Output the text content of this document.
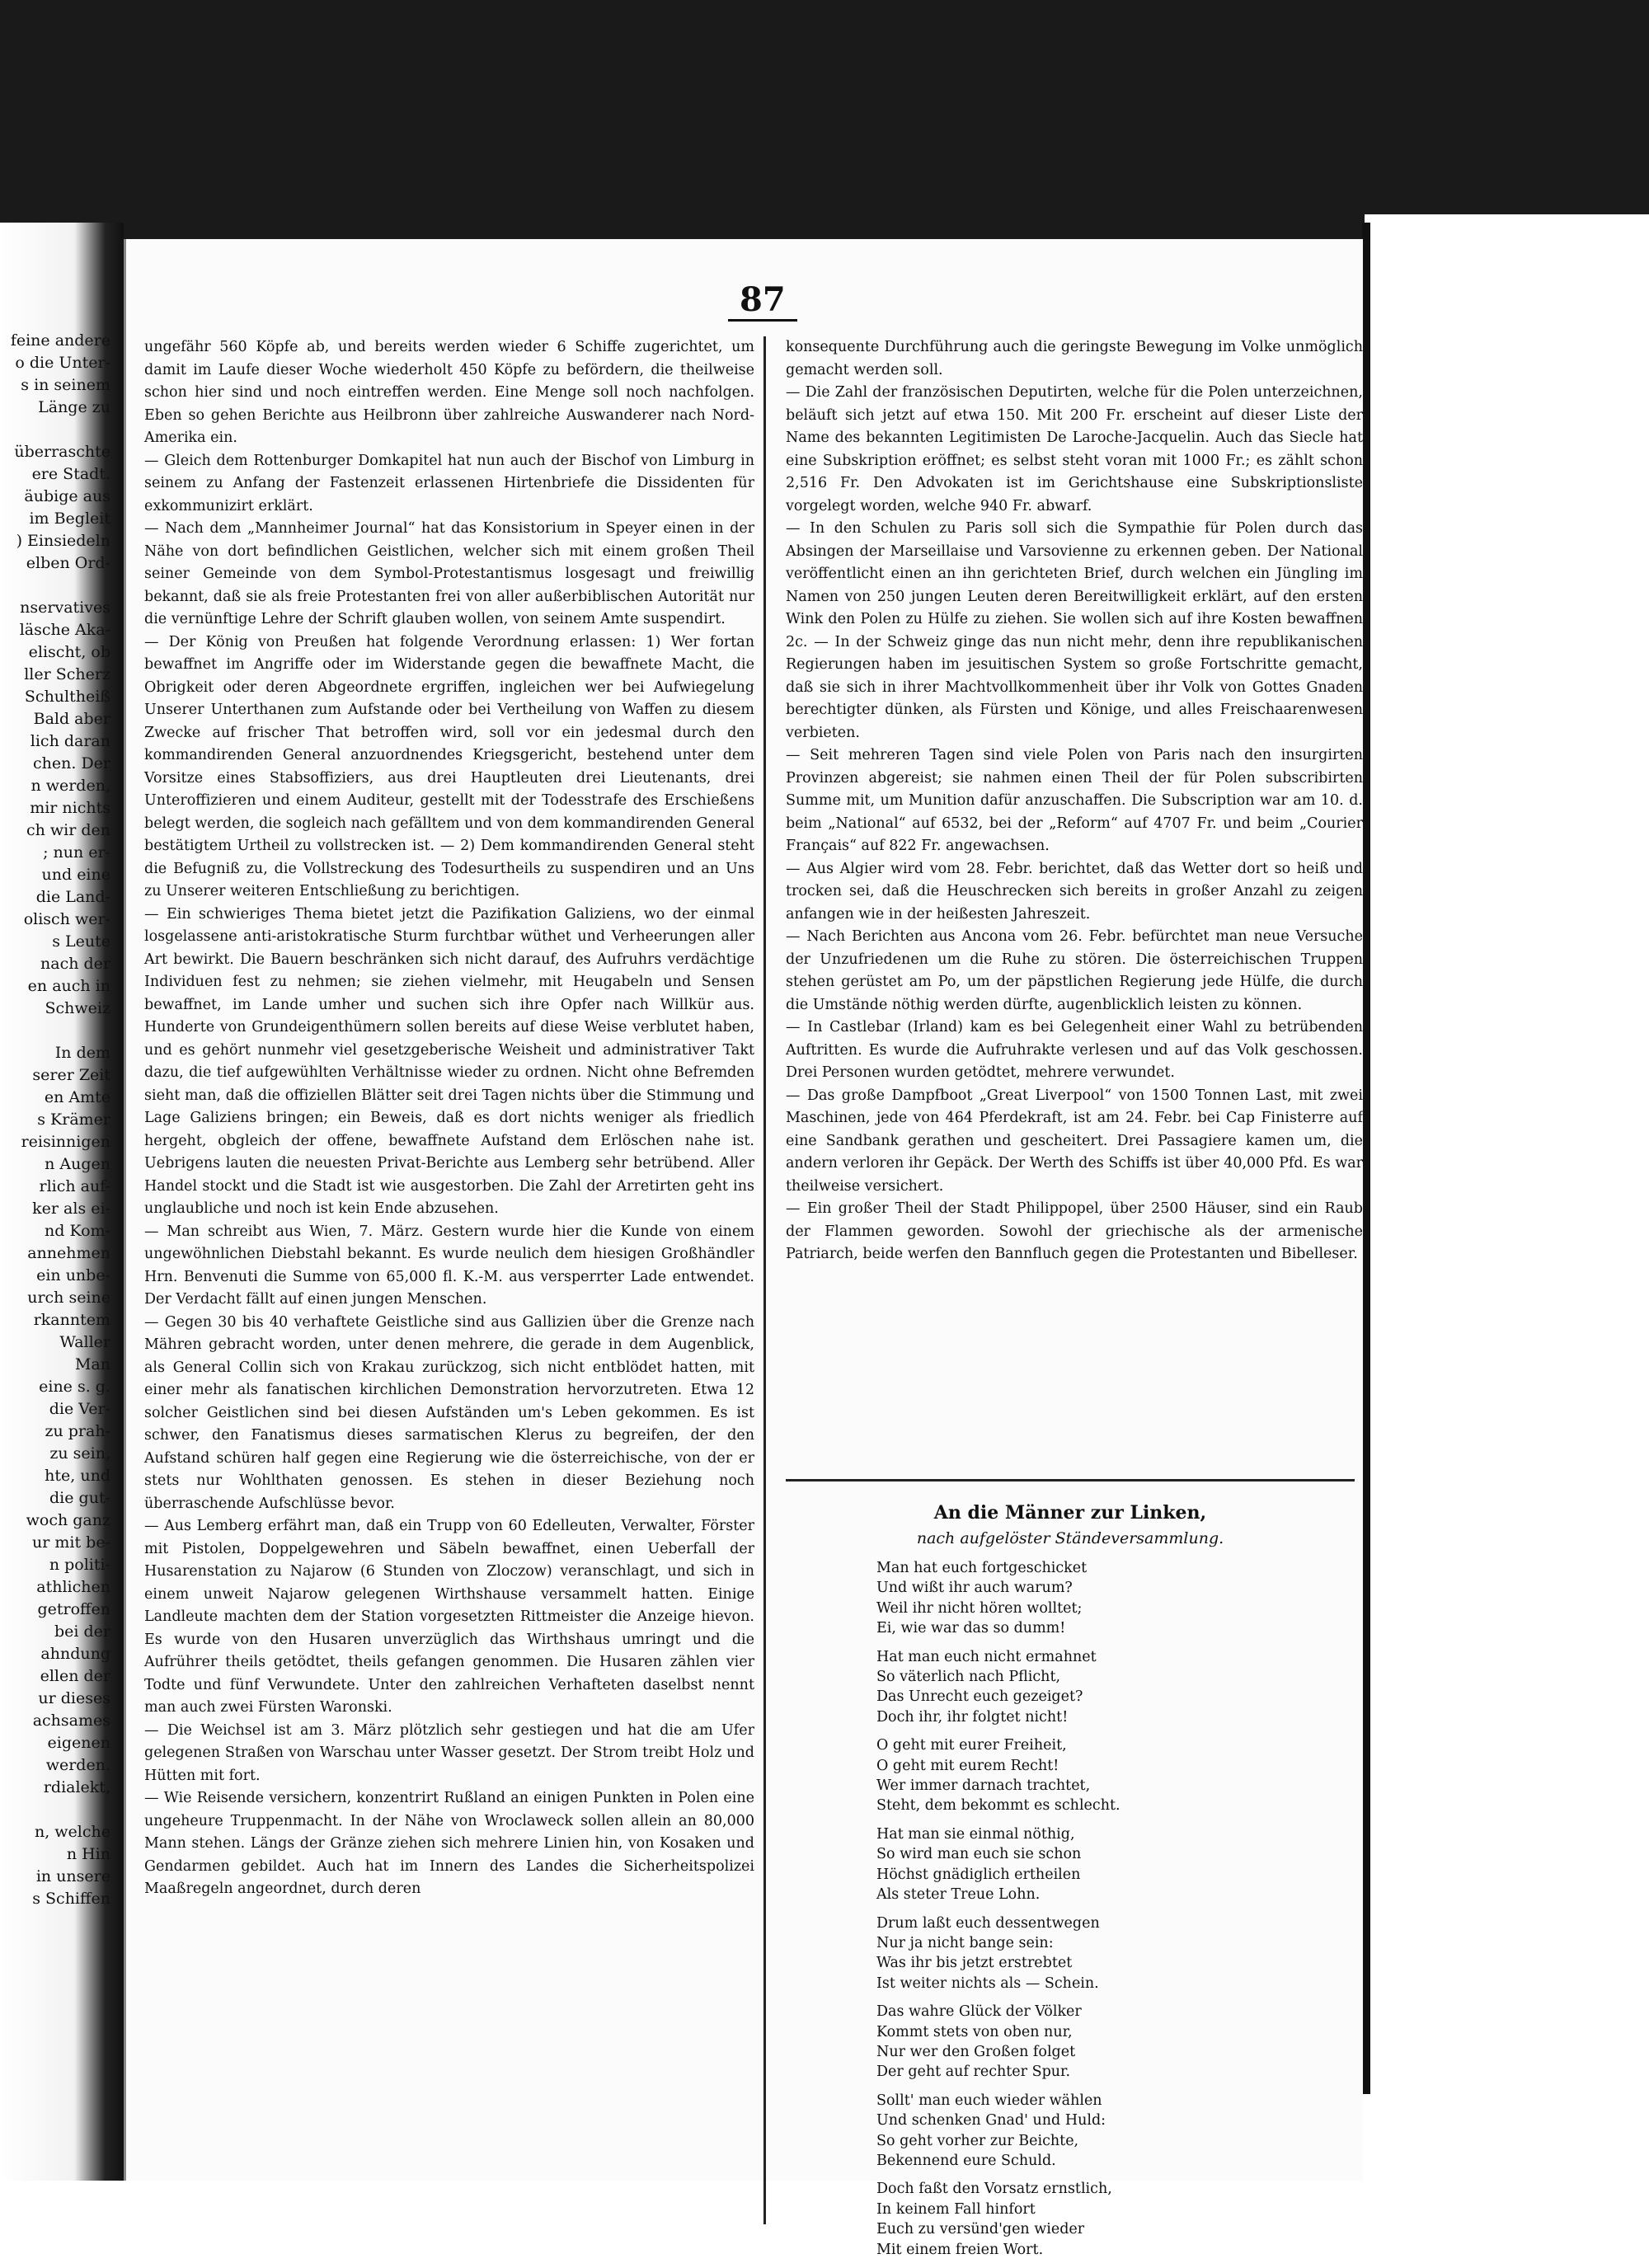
feine andere

o die Unter-

s in seinem

Länge zu

überraschte

ere Stadt.

äubige aus

im Begleit

) Einsiedeln

elben Ord-

nservatives

läsche Aka-

elischt, ob

ller Scherz

Schultheiß

Bald aber

lich daran

chen. Der

n werden,

mir nichts

ch wir den

; nun er-

und eine

die Land-

olisch wer-

s Leute

nach der

en auch in

Schweiz

In dem

serer Zeit

en Amte

s Krämer

reisinnigen

n Augen

rlich auf-

ker als ei-

nd Kom-

annehmen

ein unbe-

urch seine

rkanntem

Waller

Man

eine s. g.

die Ver-

zu prah-

zu sein,

hte, und

die gut-

woch ganz

ur mit be-

n politi-

athlichen

getroffen

bei der

ahndung

ellen der

ur dieses

achsames

eigenen

werden.

rdialekt,

n, welche

n Hin

in unsere

s Schiffen

87

ungefähr 560 Köpfe ab, und bereits werden wieder 6 Schiffe zugerichtet, um damit im Laufe dieser Woche wiederholt 450 Köpfe zu befördern, die theilweise schon hier sind und noch eintreffen werden. Eine Menge soll noch nachfolgen. Eben so gehen Berichte aus Heilbronn über zahlreiche Auswanderer nach Nord-Amerika ein.

— Gleich dem Rottenburger Domkapitel hat nun auch der Bischof von Limburg in seinem zu Anfang der Fastenzeit erlassenen Hirtenbriefe die Dissidenten für exkommunizirt erklärt.

— Nach dem „Mannheimer Journal“ hat das Konsistorium in Speyer einen in der Nähe von dort befindlichen Geistlichen, welcher sich mit einem großen Theil seiner Gemeinde von dem Symbol-Protestantismus losgesagt und freiwillig bekannt, daß sie als freie Protestanten frei von aller außerbiblischen Autorität nur die vernünftige Lehre der Schrift glauben wollen, von seinem Amte suspendirt.

— Der König von Preußen hat folgende Verordnung erlassen: 1) Wer fortan bewaffnet im Angriffe oder im Widerstande gegen die bewaffnete Macht, die Obrigkeit oder deren Abgeordnete ergriffen, ingleichen wer bei Aufwiegelung Unserer Unterthanen zum Aufstande oder bei Vertheilung von Waffen zu diesem Zwecke auf frischer That betroffen wird, soll vor ein jedesmal durch den kommandirenden General anzuordnendes Kriegsgericht, bestehend unter dem Vorsitze eines Stabsoffiziers, aus drei Hauptleuten drei Lieutenants, drei Unteroffizieren und einem Auditeur, gestellt mit der Todesstrafe des Erschießens belegt werden, die sogleich nach gefälltem und von dem kommandirenden General bestätigtem Urtheil zu vollstrecken ist. — 2) Dem kommandirenden General steht die Befugniß zu, die Vollstreckung des Todesurtheils zu suspendiren und an Uns zu Unserer weiteren Entschließung zu berichtigen.

— Ein schwieriges Thema bietet jetzt die Pazifikation Galiziens, wo der einmal losgelassene anti-aristokratische Sturm furchtbar wüthet und Verheerungen aller Art bewirkt. Die Bauern beschränken sich nicht darauf, des Aufruhrs verdächtige Individuen fest zu nehmen; sie ziehen vielmehr, mit Heugabeln und Sensen bewaffnet, im Lande umher und suchen sich ihre Opfer nach Willkür aus. Hunderte von Grundeigenthümern sollen bereits auf diese Weise verblutet haben, und es gehört nunmehr viel gesetzgeberische Weisheit und administrativer Takt dazu, die tief aufgewühlten Verhältnisse wieder zu ordnen. Nicht ohne Befremden sieht man, daß die offiziellen Blätter seit drei Tagen nichts über die Stimmung und Lage Galiziens bringen; ein Beweis, daß es dort nichts weniger als friedlich hergeht, obgleich der offene, bewaffnete Aufstand dem Erlöschen nahe ist. Uebrigens lauten die neuesten Privat-Berichte aus Lemberg sehr betrübend. Aller Handel stockt und die Stadt ist wie ausgestorben. Die Zahl der Arretirten geht ins unglaubliche und noch ist kein Ende abzusehen.

— Man schreibt aus Wien, 7. März. Gestern wurde hier die Kunde von einem ungewöhnlichen Diebstahl bekannt. Es wurde neulich dem hiesigen Großhändler Hrn. Benvenuti die Summe von 65,000 fl. K.-M. aus versperrter Lade entwendet. Der Verdacht fällt auf einen jungen Menschen.

— Gegen 30 bis 40 verhaftete Geistliche sind aus Gallizien über die Grenze nach Mähren gebracht worden, unter denen mehrere, die gerade in dem Augenblick, als General Collin sich von Krakau zurückzog, sich nicht entblödet hatten, mit einer mehr als fanatischen kirchlichen Demonstration hervorzutreten. Etwa 12 solcher Geistlichen sind bei diesen Aufständen um's Leben gekommen. Es ist schwer, den Fanatismus dieses sarmatischen Klerus zu begreifen, der den Aufstand schüren half gegen eine Regierung wie die österreichische, von der er stets nur Wohlthaten genossen. Es stehen in dieser Beziehung noch überraschende Aufschlüsse bevor.

— Aus Lemberg erfährt man, daß ein Trupp von 60 Edelleuten, Verwalter, Förster mit Pistolen, Doppelgewehren und Säbeln bewaffnet, einen Ueberfall der Husarenstation zu Najarow (6 Stunden von Zloczow) veranschlagt, und sich in einem unweit Najarow gelegenen Wirthshause versammelt hatten. Einige Landleute machten dem der Station vorgesetzten Rittmeister die Anzeige hievon. Es wurde von den Husaren unverzüglich das Wirthshaus umringt und die Aufrührer theils getödtet, theils gefangen genommen. Die Husaren zählen vier Todte und fünf Verwundete. Unter den zahlreichen Verhafteten daselbst nennt man auch zwei Fürsten Waronski.

— Die Weichsel ist am 3. März plötzlich sehr gestiegen und hat die am Ufer gelegenen Straßen von Warschau unter Wasser gesetzt. Der Strom treibt Holz und Hütten mit fort.

— Wie Reisende versichern, konzentrirt Rußland an einigen Punkten in Polen eine ungeheure Truppenmacht. In der Nähe von Wroclaweck sollen allein an 80,000 Mann stehen. Längs der Gränze ziehen sich mehrere Linien hin, von Kosaken und Gendarmen gebildet. Auch hat im Innern des Landes die Sicherheitspolizei Maaßregeln angeordnet, durch deren

konsequente Durchführung auch die geringste Bewegung im Volke unmöglich gemacht werden soll.

— Die Zahl der französischen Deputirten, welche für die Polen unterzeichnen, beläuft sich jetzt auf etwa 150. Mit 200 Fr. erscheint auf dieser Liste der Name des bekannten Legitimisten De Laroche-Jacquelin. Auch das Siecle hat eine Subskription eröffnet; es selbst steht voran mit 1000 Fr.; es zählt schon 2,516 Fr. Den Advokaten ist im Gerichtshause eine Subskriptionsliste vorgelegt worden, welche 940 Fr. abwarf.

— In den Schulen zu Paris soll sich die Sympathie für Polen durch das Absingen der Marseillaise und Varsovienne zu erkennen geben. Der National veröffentlicht einen an ihn gerichteten Brief, durch welchen ein Jüngling im Namen von 250 jungen Leuten deren Bereitwilligkeit erklärt, auf den ersten Wink den Polen zu Hülfe zu ziehen. Sie wollen sich auf ihre Kosten bewaffnen 2c. — In der Schweiz ginge das nun nicht mehr, denn ihre republikanischen Regierungen haben im jesuitischen System so große Fortschritte gemacht, daß sie sich in ihrer Machtvollkommenheit über ihr Volk von Gottes Gnaden berechtigter dünken, als Fürsten und Könige, und alles Freischaarenwesen verbieten.

— Seit mehreren Tagen sind viele Polen von Paris nach den insurgirten Provinzen abgereist; sie nahmen einen Theil der für Polen subscribirten Summe mit, um Munition dafür anzuschaffen. Die Subscription war am 10. d. beim „National“ auf 6532, bei der „Reform“ auf 4707 Fr. und beim „Courier Français“ auf 822 Fr. angewachsen.

— Aus Algier wird vom 28. Febr. berichtet, daß das Wetter dort so heiß und trocken sei, daß die Heuschrecken sich bereits in großer Anzahl zu zeigen anfangen wie in der heißesten Jahreszeit.

— Nach Berichten aus Ancona vom 26. Febr. befürchtet man neue Versuche der Unzufriedenen um die Ruhe zu stören. Die österreichischen Truppen stehen gerüstet am Po, um der päpstlichen Regierung jede Hülfe, die durch die Umstände nöthig werden dürfte, augenblicklich leisten zu können.

— In Castlebar (Irland) kam es bei Gelegenheit einer Wahl zu betrübenden Auftritten. Es wurde die Aufruhrakte verlesen und auf das Volk geschossen. Drei Personen wurden getödtet, mehrere verwundet.

— Das große Dampfboot „Great Liverpool“ von 1500 Tonnen Last, mit zwei Maschinen, jede von 464 Pferdekraft, ist am 24. Febr. bei Cap Finisterre auf eine Sandbank gerathen und gescheitert. Drei Passagiere kamen um, die andern verloren ihr Gepäck. Der Werth des Schiffs ist über 40,000 Pfd. Es war theilweise versichert.

— Ein großer Theil der Stadt Philippopel, über 2500 Häuser, sind ein Raub der Flammen geworden. Sowohl der griechische als der armenische Patriarch, beide werfen den Bannfluch gegen die Protestanten und Bibelleser.

An die Männer zur Linken,
nach aufgelöster Ständeversammlung.

Man hat euch fortgeschicket

Und wißt ihr auch warum?

Weil ihr nicht hören wolltet;

Ei, wie war das so dumm!

Hat man euch nicht ermahnet

So väterlich nach Pflicht,

Das Unrecht euch gezeiget?

Doch ihr, ihr folgtet nicht!

O geht mit eurer Freiheit,

O geht mit eurem Recht!

Wer immer darnach trachtet,

Steht, dem bekommt es schlecht.

Hat man sie einmal nöthig,

So wird man euch sie schon

Höchst gnädiglich ertheilen

Als steter Treue Lohn.

Drum laßt euch dessentwegen

Nur ja nicht bange sein:

Was ihr bis jetzt erstrebtet

Ist weiter nichts als — Schein.

Das wahre Glück der Völker

Kommt stets von oben nur,

Nur wer den Großen folget

Der geht auf rechter Spur.

Sollt' man euch wieder wählen

Und schenken Gnad' und Huld:

So geht vorher zur Beichte,

Bekennend eure Schuld.

Doch faßt den Vorsatz ernstlich,

In keinem Fall hinfort

Euch zu versünd'gen wieder

Mit einem freien Wort.
